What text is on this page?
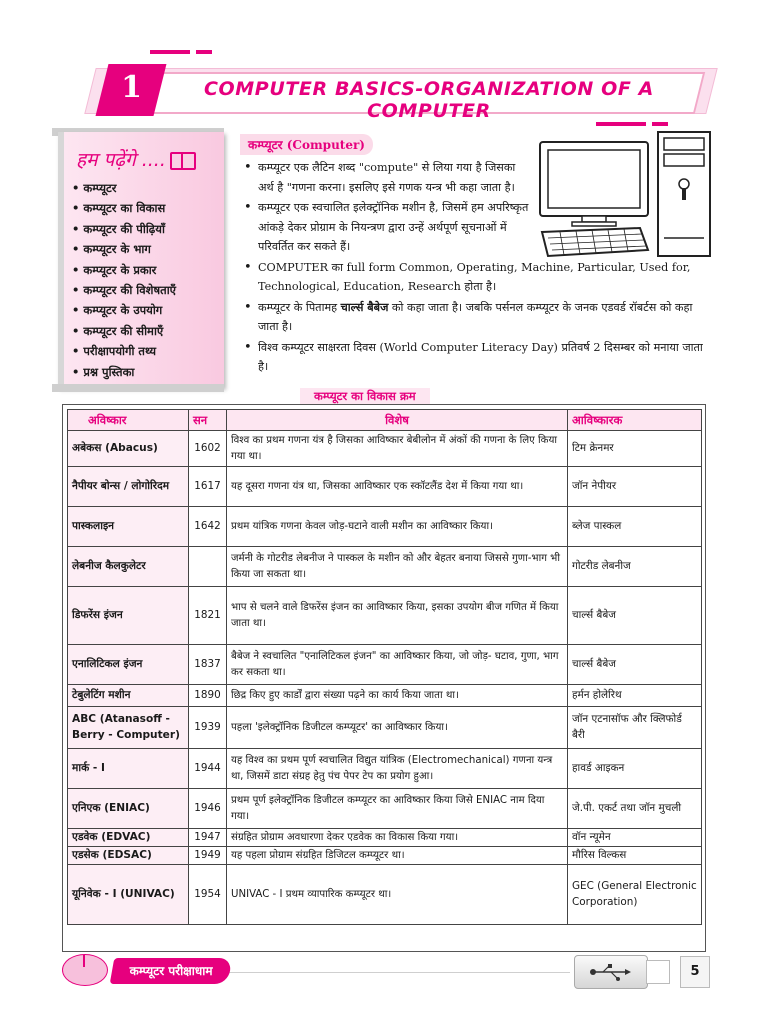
1	COMPUTER BASICS-ORGANIZATION OF A COMPUTER
हम पढ़ेंगे ....
• कम्प्यूटर
• कम्प्यूटर का विकास
• कम्प्यूटर की पीढ़ियाँ
• कम्प्यूटर के भाग
• कम्प्यूटर के प्रकार
• कम्प्यूटर की विशेषताएँ
• कम्प्यूटर के उपयोग
• कम्प्यूटर की सीमाएँ
• परीक्षापयोगी तथ्य
• प्रश्न पुस्तिका
कम्प्यूटर (Computer)
• कम्प्यूटर एक लैटिन शब्द "compute" से लिया गया है जिसका अर्थ है "गणना करना। इसलिए इसे गणक यन्त्र भी कहा जाता है।
• कम्प्यूटर एक स्वचालित इलेक्ट्रॉनिक मशीन है, जिसमें हम अपरिष्कृत आंकड़े देकर प्रोग्राम के नियन्त्रण द्वारा उन्हें अर्थपूर्ण सूचनाओं में परिवर्तित कर सकते हैं।
• COMPUTER का full form Common, Operating, Machine, Particular, Used for, Technological, Education, Research होता है।
• कम्प्यूटर के पितामह चार्ल्स बैबेज को कहा जाता है। जबकि पर्सनल कम्प्यूटर के जनक एडवर्ड रॉबर्टस को कहा जाता है।
• विश्व कम्प्यूटर साक्षरता दिवस (World Computer Literacy Day) प्रतिवर्ष 2 दिसम्बर को मनाया जाता है।
कम्प्यूटर का विकास क्रम
अविष्कार	सन	विशेष	आविष्कारक
अबेकस (Abacus)	1602	विश्व का प्रथम गणना यंत्र है जिसका आविष्कार बेबीलोन में अंकों की गणना के लिए किया गया था।	टिम क्रेनमर
नैपीयर बोन्स / लोगोरिदम	1617	यह दूसरा गणना यंत्र था, जिसका आविष्कार एक स्कॉटलैंड देश में किया गया था।	जॉन नेपीयर
पास्कलाइन	1642	प्रथम यांत्रिक गणना केवल जोड़-घटाने वाली मशीन का आविष्कार किया।	ब्लेज पास्कल
लेबनीज कैलकुलेटर		जर्मनी के गोटरीड लेबनीज ने पास्कल के मशीन को और बेहतर बनाया जिससे गुणा-भाग भी किया जा सकता था।	गोटरीड लेबनीज
डिफरेंस इंजन	1821	भाप से चलने वाले डिफरेंस इंजन का आविष्कार किया, इसका उपयोग बीज गणित में किया जाता था।	चार्ल्स बैबेज
एनालिटिकल इंजन	1837	बैबेज ने स्वचालित "एनालिटिकल इंजन" का आविष्कार किया, जो जोड़- घटाव, गुणा, भाग कर सकता था।	चार्ल्स बैबेज
टेबुलेटिंग मशीन	1890	छिद्र किए हुए कार्डों द्वारा संख्या पढ़ने का कार्य किया जाता था।	हर्मन होलेरिथ
ABC (Atanasoff - Berry - Computer)	1939	पहला 'इलेक्ट्रॉनिक डिजीटल कम्प्यूटर' का आविष्कार किया।	जॉन एटनासॉफ और क्लिफोर्ड बैरी
मार्क - I	1944	यह विश्व का प्रथम पूर्ण स्वचालित विद्युत यांत्रिक (Electromechanical) गणना यन्त्र था, जिसमें डाटा संग्रह हेतु पंच पेपर टेप का प्रयोग हुआ।	हावर्ड आइकन
एनिएक (ENIAC)	1946	प्रथम पूर्ण इलेक्ट्रॉनिक डिजीटल कम्प्यूटर का आविष्कार किया जिसे ENIAC नाम दिया गया।	जे.पी. एकर्ट तथा जॉन मुचली
एडवेक (EDVAC)	1947	संग्रहित प्रोग्राम अवधारणा देकर एडवेक का विकास किया गया।	वॉन न्यूमेन
एडसेक (EDSAC)	1949	यह पहला प्रोग्राम संग्रहित डिजिटल कम्प्यूटर था।	मौरिस विल्कस
यूनिवेक - I (UNIVAC)	1954	UNIVAC - I प्रथम व्यापारिक कम्प्यूटर था।	GEC (General Electronic Corporation)
कम्प्यूटर परीक्षाधाम	5
